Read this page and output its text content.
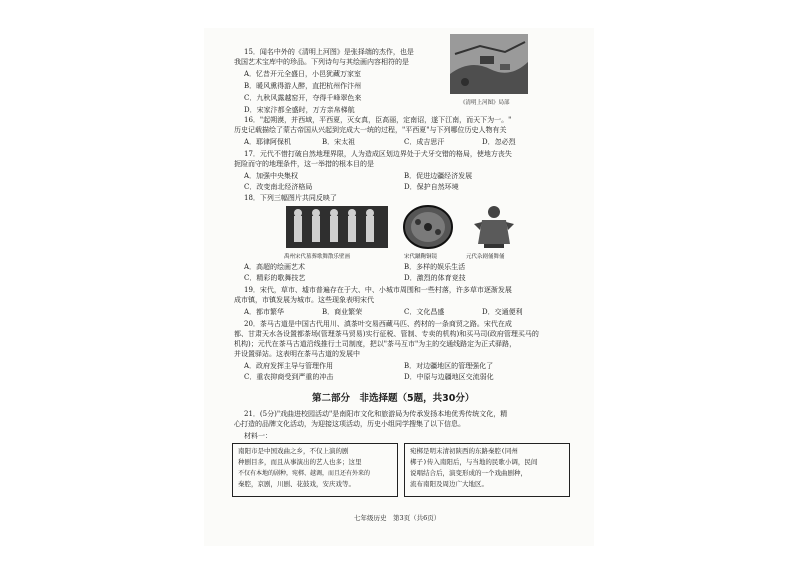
15．闻名中外的《清明上河图》是张择端的杰作，也是
我国艺术宝库中的珍品。下列诗句与其绘画内容相符的是
A．忆昔开元全盛日，小邑犹藏万家室
B．暖风熏得游人醉，直把杭州作汴州
C．九秋风露越窑开，夺得千峰翠色来
D．宋家汴都全盛时，万方亲帛梯航
《清明上河图》局部
16．"起朔漠，并西域，平西夏，灭女真，臣高丽，定南诏，遂下江南，而天下为一。"
历史记载描绘了蒙古帝国从兴起到完成大一统的过程，"平西夏"与下列哪位历史人物有关
A．耶律阿保机	B．宋太祖	C．成吉思汗	D．忽必烈
17．元代不惜打破自然地理界限，人为造成区划边界处于犬牙交错的格局，使地方丧失
扼险而守的地理条件，这一举措的根本目的是
A．加强中央集权	B．促进边疆经济发展
C．改变南北经济格局	D．保护自然环境
18．下列三幅图片共同反映了
禹州宋代墓葬歌舞散乐壁画	宋代蹴鞠铜镜	元代杂剧俑舞俑
A．高超的绘画艺术	B．多样的娱乐生活
C．精彩的歌舞技艺	D．激烈的体育竞技
19．宋代，草市、墟市普遍存在于大、中、小城市周围和一些村落，许多草市逐渐发展
成市镇，市镇发展为城市。这些现象表明宋代
A．都市繁华	B．商业繁荣	C．文化昌盛	D．交通便利
20．茶马古道是中国古代用川、滇茶叶交易西藏马匹、药材的一条商贸之路。宋代在成
都、甘肃天水各设置都茶场(管理茶马贸易)实行征税、管制、专卖的机构)和买马司(政府管理买马的
机构)；元代在茶马古道沿线推行土司制度，把以"茶马互市"为主的交通线路定为正式驿路，
并设置驿站。这表明在茶马古道的发展中
A．政府发挥主导与管理作用	B．对边疆地区的管理强化了
C．重农抑商受到严重的冲击	D．中原与边疆地区交流弱化
第二部分　非选择题（5题，共30分）
21．(5分)"戏曲进校园活动"是南阳市文化和旅游局为传承发扬本地优秀传统文化，精
心打造的品牌文化活动，为迎接这项活动，历史小组同学搜集了以下信息。
材料一：
南阳市是中国戏曲之乡，不仅上演的剧
种剧目多，而且从事演出的艺人也多；这里
不仅有本地的剧种，宛梆、越调，而且还有外来的
秦腔，京剧，川剧、花鼓戏，安庆戏等。
宛梆是明末清初陕西的东路秦腔(同州
梆子)传入南阳后，与当地的民歌小调，民间
说唱结合后，演变形成的一个戏曲剧种，
流布南阳及周边广大地区。
七年级历史　第3页（共6页）
